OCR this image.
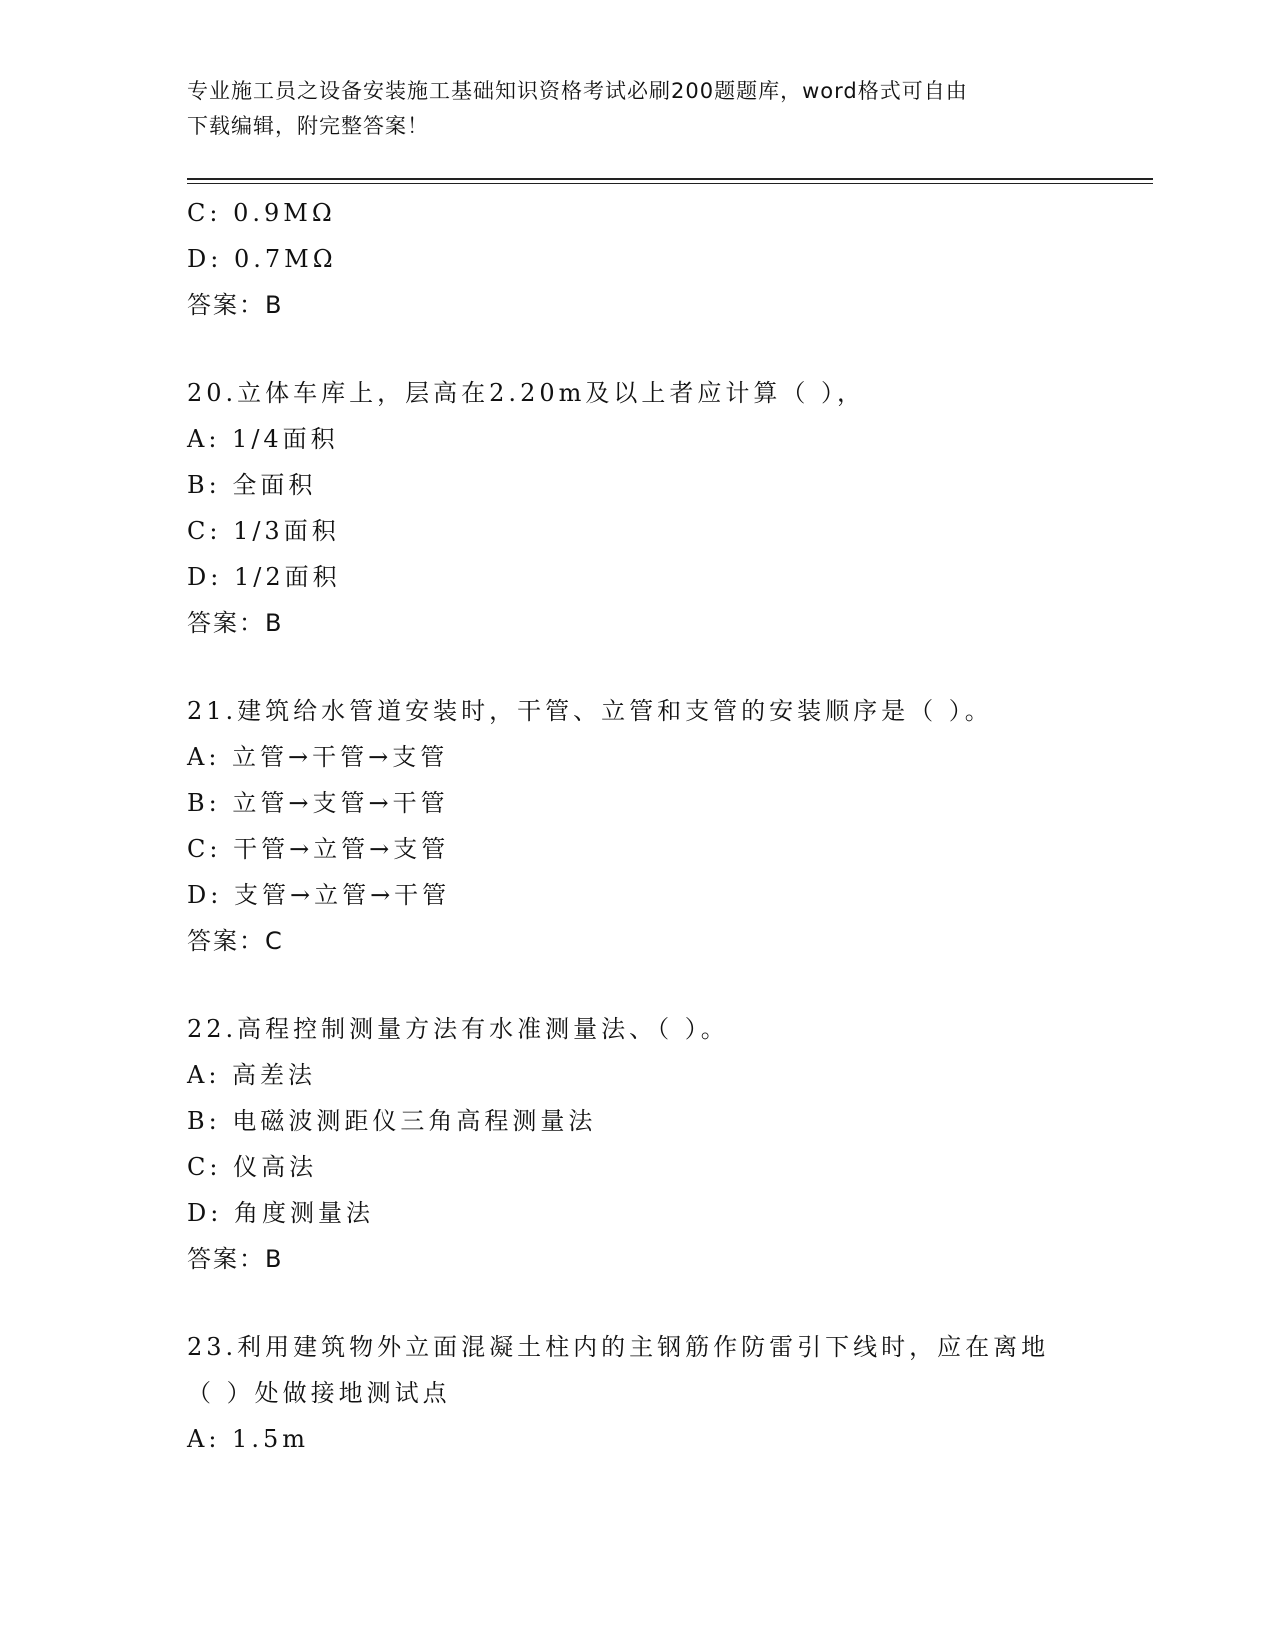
专业施工员之设备安装施工基础知识资格考试必刷200题题库，word格式可自由
下载编辑，附完整答案！
C: 0.9MΩ
D: 0.7MΩ
答案：B
20.立体车库上，层高在2.20m及以上者应计算（ ），
A: 1/4面积
B: 全面积
C: 1/3面积
D: 1/2面积
答案：B
21.建筑给水管道安装时，干管、立管和支管的安装顺序是（ ）。
A: 立管→干管→支管
B: 立管→支管→干管
C: 干管→立管→支管
D: 支管→立管→干管
答案：C
22.高程控制测量方法有水准测量法、（ ）。
A: 高差法
B: 电磁波测距仪三角高程测量法
C: 仪高法
D: 角度测量法
答案：B
23.利用建筑物外立面混凝土柱内的主钢筋作防雷引下线时，应在离地
（ ）处做接地测试点
A: 1.5m
